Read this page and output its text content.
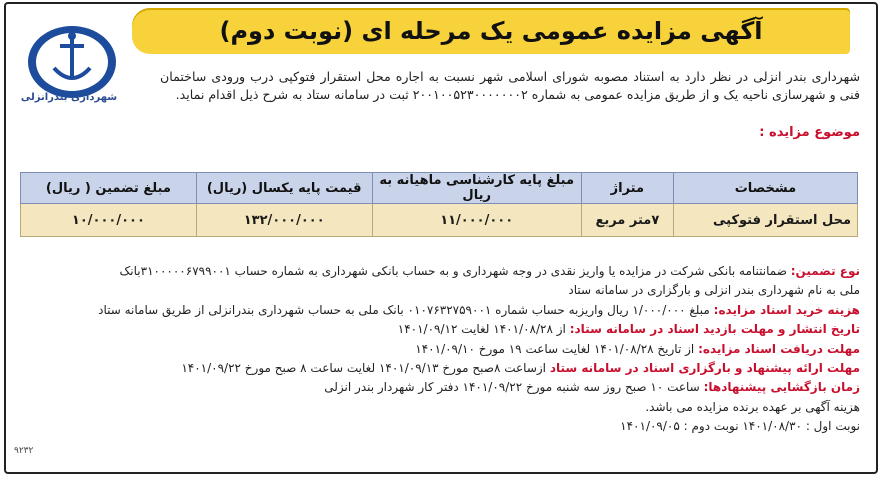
آگهی مزایده عمومی یک مرحله ای (نوبت دوم)
شهرداری بندرانزلی
شهرداری بندر انزلی در نظر دارد به استناد مصوبه شورای اسلامی شهر نسبت به اجاره محل استقرار فتوکپی درب ورودی ساختمان فنی و شهرسازی ناحیه یک و از طریق مزایده عمومی به شماره ۲۰۰۱۰۰۵۲۳۰۰۰۰۰۰۰۲ ثبت در سامانه ستاد به شرح ذیل اقدام نماید.
موضوع مزایده :
مشخصات	متراژ	مبلغ پایه کارشناسی ماهیانه به ریال	قیمت پایه یکسال (ریال)	مبلغ تضمین ( ریال)
محل استقرار فتوکپی	۷متر مربع	۱۱/۰۰۰/۰۰۰	۱۳۲/۰۰۰/۰۰۰	۱۰/۰۰۰/۰۰۰

نوع تضمین: ضمانتنامه بانکی شرکت در مزایده یا واریز نقدی در وجه شهرداری و به حساب بانکی شهرداری به شماره حساب ۳۱۰۰۰۰۰۶۷۹۹۰۰۱بانک

ملی به نام شهرداری بندر انزلی و بارگزاری در سامانه ستاد

هزینه خرید اسناد مزایده: مبلغ ۱/۰۰۰/۰۰۰ ریال واریزبه حساب شماره ۰۱۰۷۶۳۲۷۵۹۰۰۱ بانک ملی به حساب شهرداری بندرانزلی از طریق سامانه ستاد

تاریخ انتشار و مهلت بازدید اسناد در سامانه ستاد: از ۱۴۰۱/۰۸/۲۸ لغایت ۱۴۰۱/۰۹/۱۲

مهلت دریافت اسناد مزایده: از تاریخ ۱۴۰۱/۰۸/۲۸ لغایت ساعت ۱۹ مورخ ۱۴۰۱/۰۹/۱۰

مهلت ارائه پیشنهاد و بارگزاری اسناد در سامانه ستاد ازساعت ۸صبح مورخ ۱۴۰۱/۰۹/۱۳ لغایت ساعت ۸ صبح مورخ ۱۴۰۱/۰۹/۲۲

زمان بازگشایی پیشنهادها: ساعت ۱۰ صبح روز سه شنبه مورخ ۱۴۰۱/۰۹/۲۲ دفتر کار شهردار بندر انزلی

هزینه آگهی بر عهده برنده مزایده می باشد.

نوبت اول : ۱۴۰۱/۰۸/۳۰ نوبت دوم : ۱۴۰۱/۰۹/۰۵

۹۲۳۲
